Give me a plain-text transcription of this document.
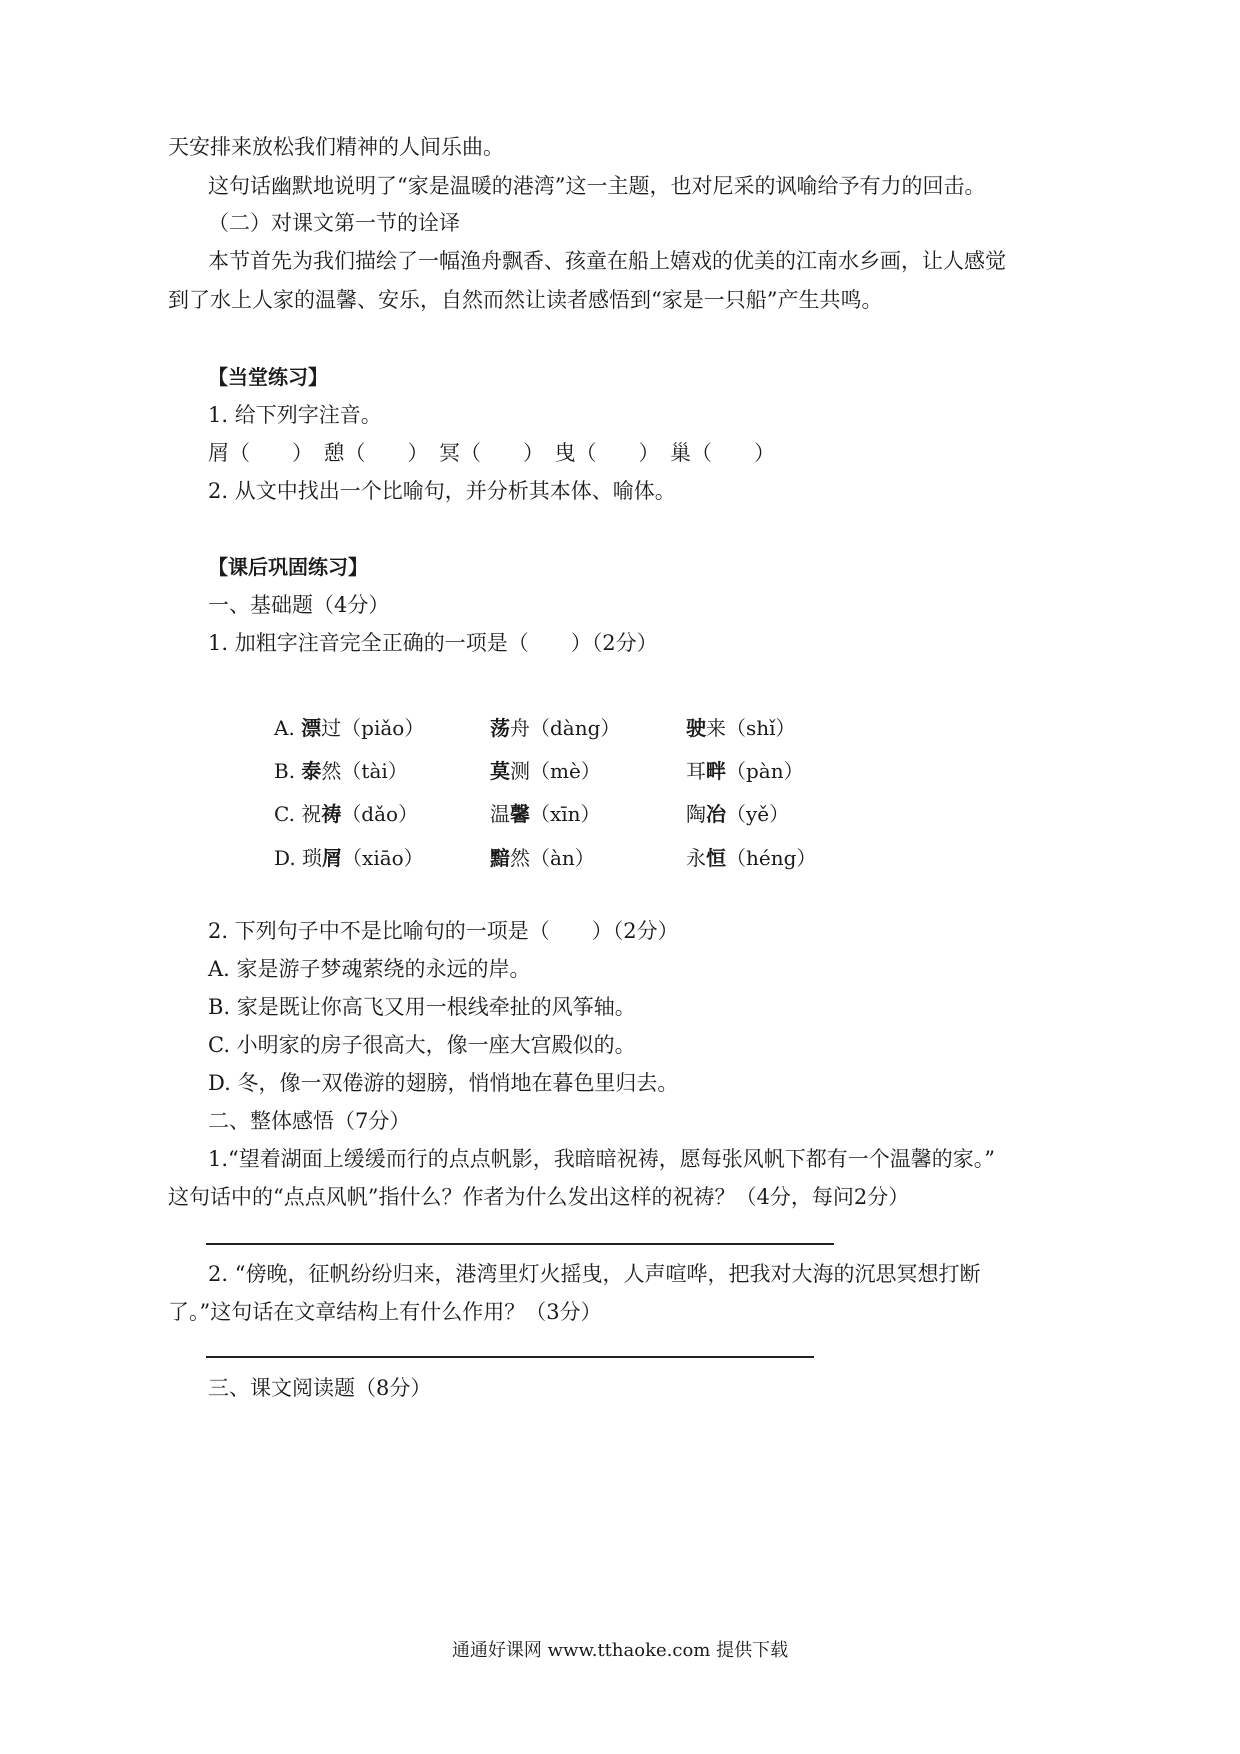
天安排来放松我们精神的人间乐曲。
这句话幽默地说明了“家是温暖的港湾”这一主题，也对尼采的讽喻给予有力的回击。
（二）对课文第一节的诠译
本节首先为我们描绘了一幅渔舟飘香、孩童在船上嬉戏的优美的江南水乡画，让人感觉
到了水上人家的温馨、安乐，自然而然让读者感悟到“家是一只船”产生共鸣。
【当堂练习】
1. 给下列字注音。
屑（　　）　憩（　　）　冥（　　）　曳（　　）　巢（　　）
2. 从文中找出一个比喻句，并分析其本体、喻体。
【课后巩固练习】
一、基础题（4分）
1. 加粗字注音完全正确的一项是（　　）（2分）
A. 漂过（piǎo）	荡舟（dàng）	驶来（shǐ）
B. 泰然（tài）	莫测（mè）	耳畔（pàn）
C. 祝祷（dǎo）	温馨（xīn）	陶冶（yě）
D. 琐屑（xiāo）	黯然（àn）	永恒（héng）
2. 下列句子中不是比喻句的一项是（　　）（2分）
A. 家是游子梦魂萦绕的永远的岸。
B. 家是既让你高飞又用一根线牵扯的风筝轴。
C. 小明家的房子很高大，像一座大宫殿似的。
D. 冬，像一双倦游的翅膀，悄悄地在暮色里归去。
二、整体感悟（7分）
1.“望着湖面上缓缓而行的点点帆影，我暗暗祝祷，愿每张风帆下都有一个温馨的家。”
这句话中的“点点风帆”指什么？作者为什么发出这样的祝祷？（4分，每问2分）
2. “傍晚，征帆纷纷归来，港湾里灯火摇曳，人声喧哗，把我对大海的沉思冥想打断
了。”这句话在文章结构上有什么作用？（3分）
三、课文阅读题（8分）
通通好课网 www.tthaoke.com 提供下载
